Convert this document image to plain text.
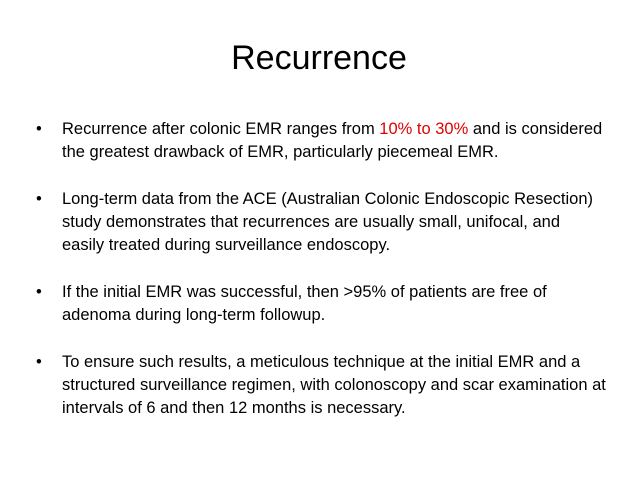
Recurrence
•	Recurrence after colonic EMR ranges from 10% to 30% and is considered the greatest drawback of EMR, particularly piecemeal EMR.
•	Long-term data from the ACE (Australian Colonic Endoscopic Resection) study demonstrates that recurrences are usually small, unifocal, and easily treated during surveillance endoscopy.
•	If the initial EMR was successful, then >95% of patients are free of adenoma during long-term followup.
•	To ensure such results, a meticulous technique at the initial EMR and a structured surveillance regimen, with colonoscopy and scar examination at intervals of 6 and then 12 months is necessary.
